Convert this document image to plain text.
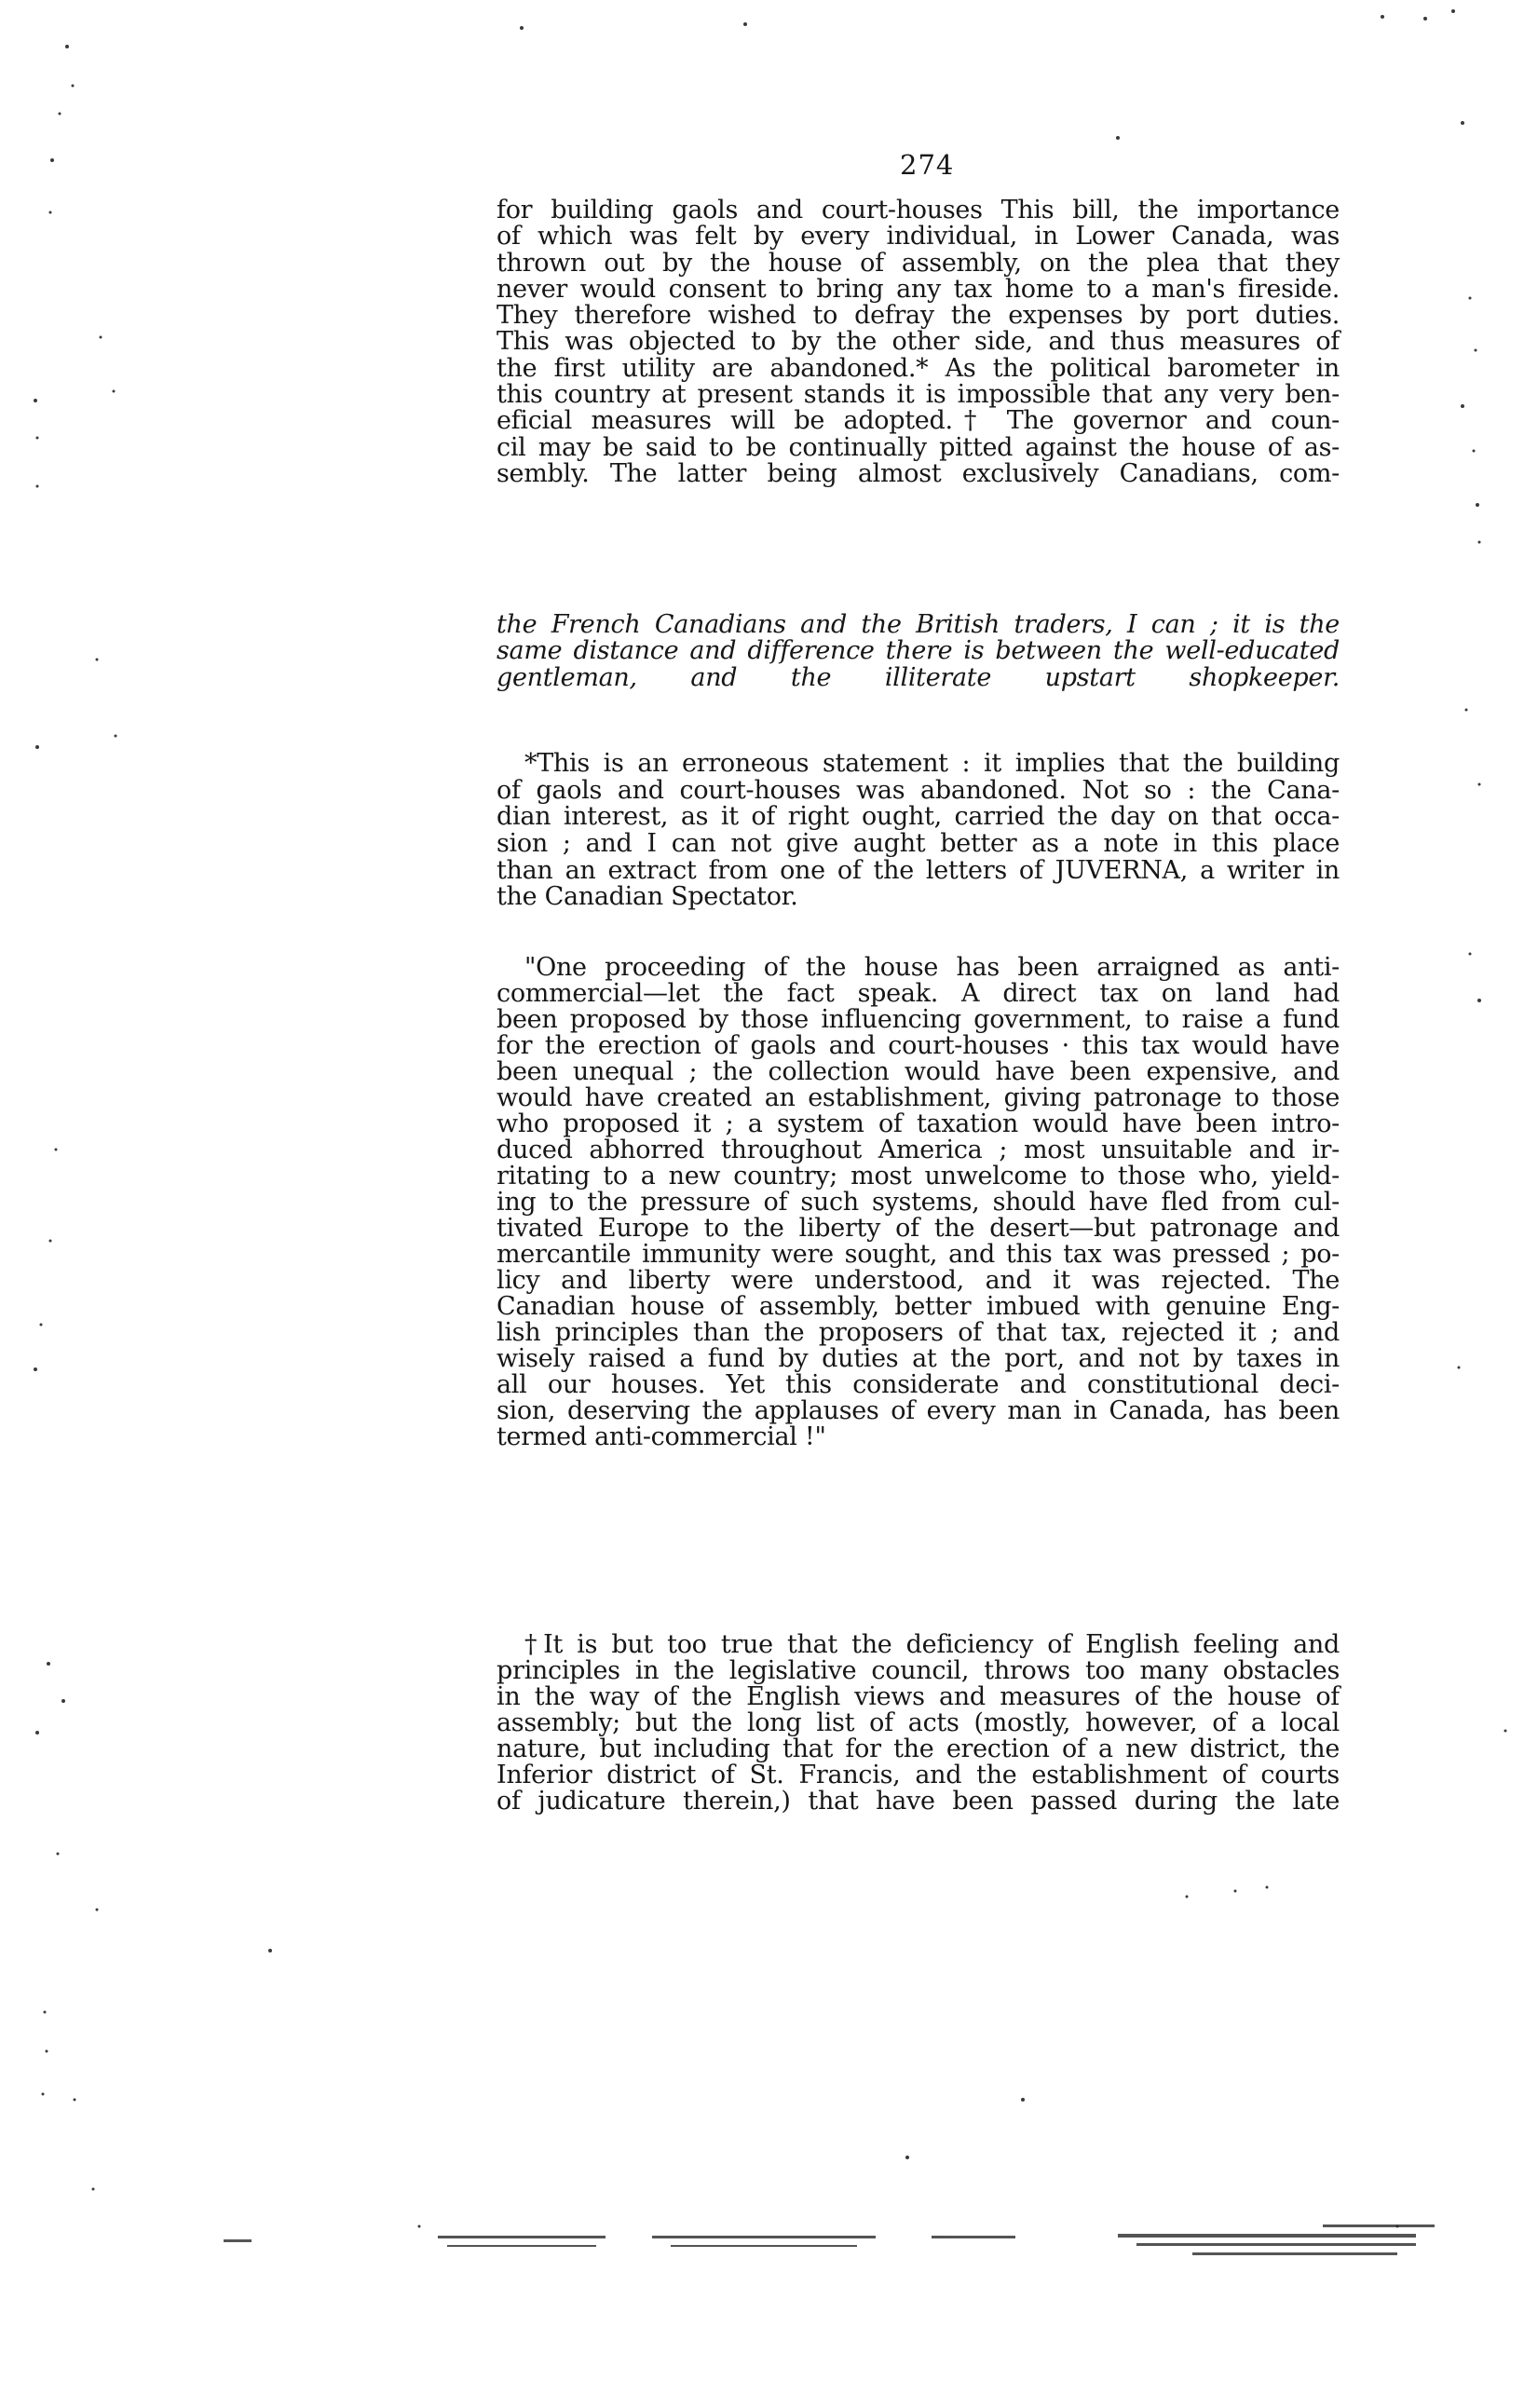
274
for building gaols and court-houses This bill, the importance
of which was felt by every individual, in Lower Canada, was
thrown out by the house of assembly, on the plea that they
never would consent to bring any tax home to a man's fireside.
They therefore wished to defray the expenses by port duties.
This was objected to by the other side, and thus measures of
the first utility are abandoned.* As the political barometer in
this country at present stands it is impossible that any very ben-
eficial measures will be adopted.† The governor and coun-
cil may be said to be continually pitted against the house of as-
sembly. The latter being almost exclusively Canadians, com-
the French Canadians and the British traders, I can ; it is the
same distance and difference there is between the well-educated
gentleman, and the illiterate upstart shopkeeper.
*This is an erroneous statement : it implies that the building
of gaols and court-houses was abandoned. Not so : the Cana-
dian interest, as it of right ought, carried the day on that occa-
sion ; and I can not give aught better as a note in this place
than an extract from one of the letters of JUVERNA, a writer in
the Canadian Spectator.
"One proceeding of the house has been arraigned as anti-
commercial—let the fact speak. A direct tax on land had
been proposed by those influencing government, to raise a fund
for the erection of gaols and court-houses · this tax would have
been unequal ; the collection would have been expensive, and
would have created an establishment, giving patronage to those
who proposed it ; a system of taxation would have been intro-
duced abhorred throughout America ; most unsuitable and ir-
ritating to a new country; most unwelcome to those who, yield-
ing to the pressure of such systems, should have fled from cul-
tivated Europe to the liberty of the desert—but patronage and
mercantile immunity were sought, and this tax was pressed ; po-
licy and liberty were understood, and it was rejected. The
Canadian house of assembly, better imbued with genuine Eng-
lish principles than the proposers of that tax, rejected it ; and
wisely raised a fund by duties at the port, and not by taxes in
all our houses. Yet this considerate and constitutional deci-
sion, deserving the applauses of every man in Canada, has been
termed anti-commercial !"
†It is but too true that the deficiency of English feeling and
principles in the legislative council, throws too many obstacles
in the way of the English views and measures of the house of
assembly; but the long list of acts (mostly, however, of a local
nature, but including that for the erection of a new district, the
Inferior district of St. Francis, and the establishment of courts
of judicature therein,) that have been passed during the late
